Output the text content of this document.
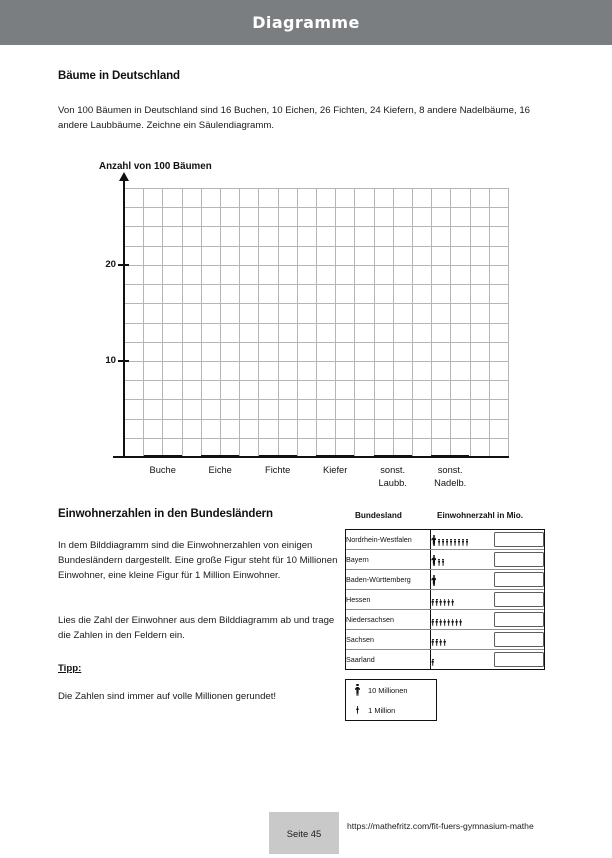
Diagramme
Bäume in Deutschland
Von 100 Bäumen in Deutschland sind 16 Buchen, 10 Eichen, 26 Fichten, 24 Kiefern, 8 andere Nadelbäume, 16 andere Laubbäume. Zeichne ein Säulendiagramm.
Anzahl von 100 Bäumen
20
10
Buche	Eiche	Fichte	Kiefer	sonst.
Laubb.
sonst.
Nadelb.
Einwohnerzahlen in den Bundesländern
In dem Bilddiagramm sind die Einwohnerzahlen von einigen Bundesländern dargestellt. Eine große Figur steht für 10 Millionen Einwohner, eine kleine Figur für 1 Million Einwohner.
Lies die Zahl der Einwohner aus dem Bilddiagramm ab und trage die Zahlen in den Feldern ein.
Tipp:
Die Zahlen sind immer auf volle Millionen gerundet!
Bundesland	Einwohnerzahl in Mio.
Nordrhein-Westfalen	

Bayern	

Baden-Württemberg	

Hessen	

Niedersachsen	

Sachsen	

Saarland	

10 Millionen
1 Million
Seite 45
https://mathefritz.com/fit-fuers-gymnasium-mathe
